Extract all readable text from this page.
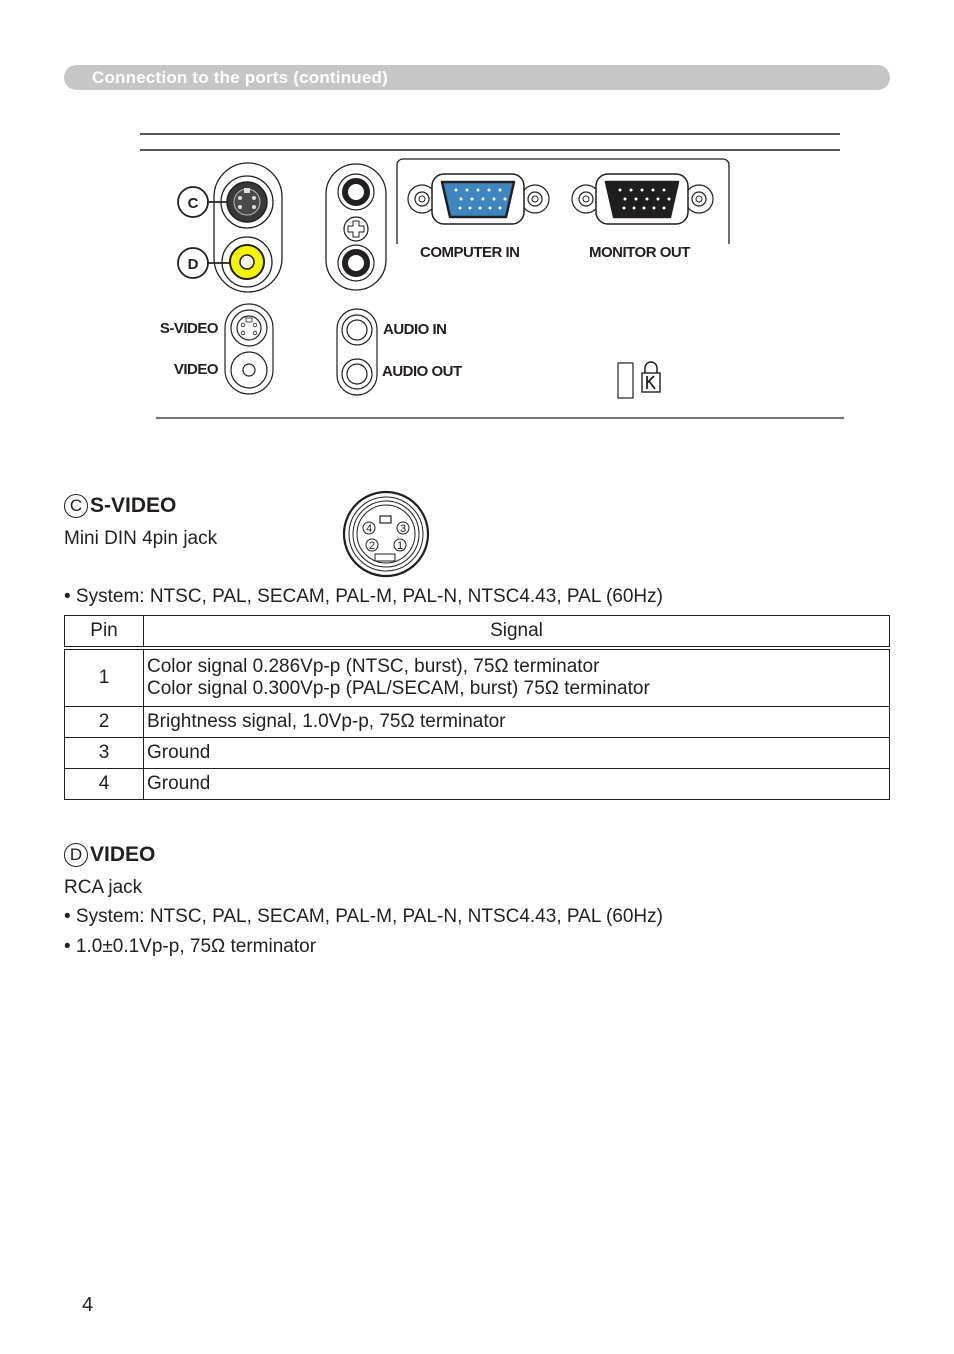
Connection to the ports (continued)
C
D
COMPUTER IN	MONITOR OUT
S-VIDEO
VIDEO
AUDIO IN
AUDIO OUT
C S-VIDEO
Mini DIN 4pin jack	4	3
2 1
• System: NTSC, PAL, SECAM, PAL-M, PAL-N, NTSC4.43, PAL (60Hz)
Pin	Signal
1	Color signal 0.286Vp-p (NTSC, burst), 75Ω terminator
Color signal 0.300Vp-p (PAL/SECAM, burst) 75Ω terminator

2	Brightness signal, 1.0Vp-p, 75Ω terminator
3	Ground
4	Ground
D VIDEO
RCA jack
• System: NTSC, PAL, SECAM, PAL-M, PAL-N, NTSC4.43, PAL (60Hz)
• 1.0±0.1Vp-p, 75Ω terminator
4
